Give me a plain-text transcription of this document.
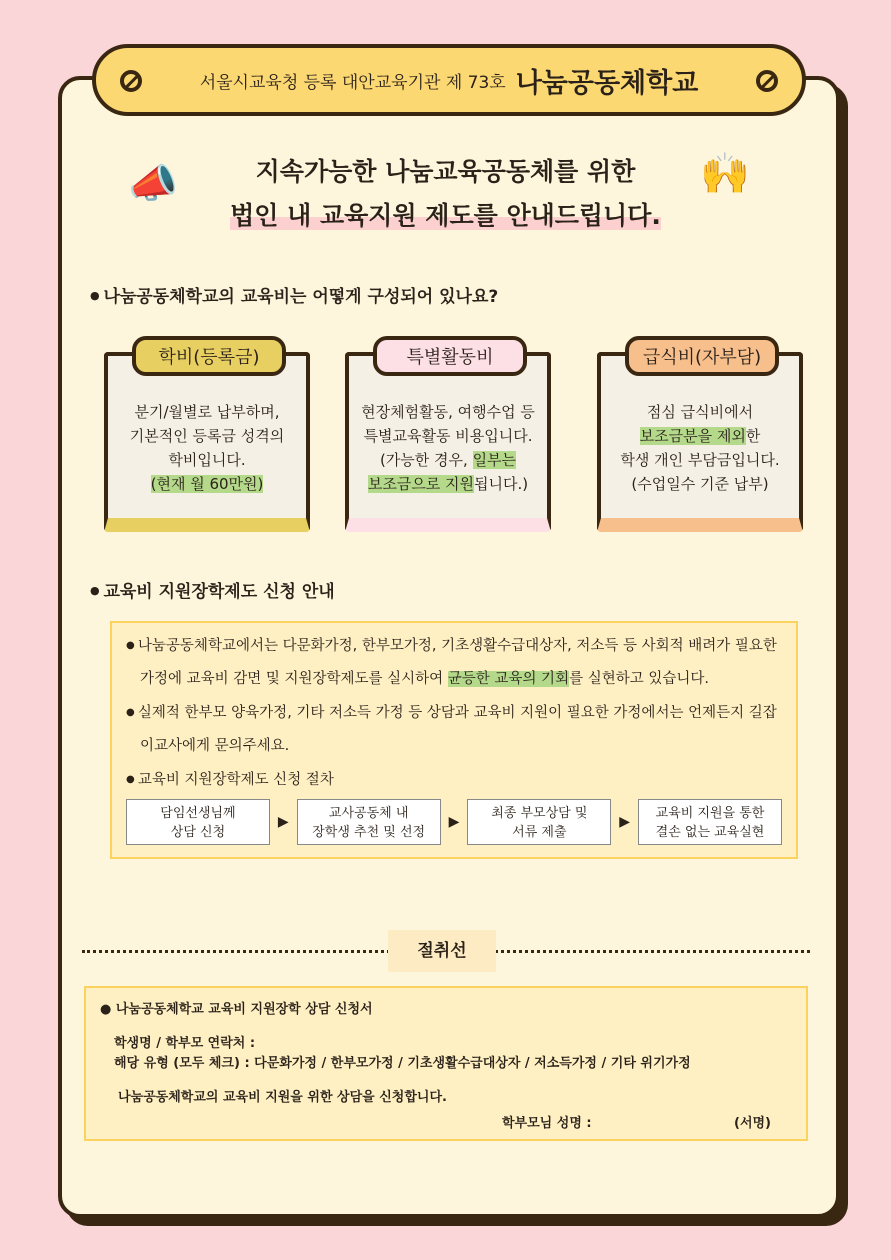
서울시교육청 등록 대안교육기관 제 73호 나눔공동체학교
📣	🙌
지속가능한 나눔교육공동체를 위한
법인 내 교육지원 제도를 안내드립니다.
● 나눔공동체학교의 교육비는 어떻게 구성되어 있나요?
학비(등록금)
분기/월별로 납부하며,
기본적인 등록금 성격의
학비입니다.
(현재 월 60만원)
특별활동비
현장체험활동, 여행수업 등
특별교육활동 비용입니다.
(가능한 경우, 일부는
보조금으로 지원됩니다.)
급식비(자부담)
점심 급식비에서
보조금분을 제외한
학생 개인 부담금입니다.
(수업일수 기준 납부)
● 교육비 지원장학제도 신청 안내

● 나눔공동체학교에서는 다문화가정, 한부모가정, 기초생활수급대상자, 저소득 등 사회적 배려가 필요한 가정에 교육비 감면 및 지원장학제도를 실시하여 균등한 교육의 기회를 실현하고 있습니다.

● 실제적 한부모 양육가정, 기타 저소득 가정 등 상담과 교육비 지원이 필요한 가정에서는 언제든지 길잡이교사에게 문의주세요.

● 교육비 지원장학제도 신청 절차

담임선생님께
상담 신청
▶	교사공동체 내
장학생 추천 및 선정
▶	최종 부모상담 및
서류 제출
▶	교육비 지원을 통한
결손 없는 교육실현
절취선
● 나눔공동체학교 교육비 지원장학 상담 신청서
학생명 / 학부모 연락처 :
해당 유형 (모두 체크) : 다문화가정 / 한부모가정 / 기초생활수급대상자 / 저소득가정 / 기타 위기가정
나눔공동체학교의 교육비 지원을 위한 상담을 신청합니다.
학부모님 성명 :	(서명)
